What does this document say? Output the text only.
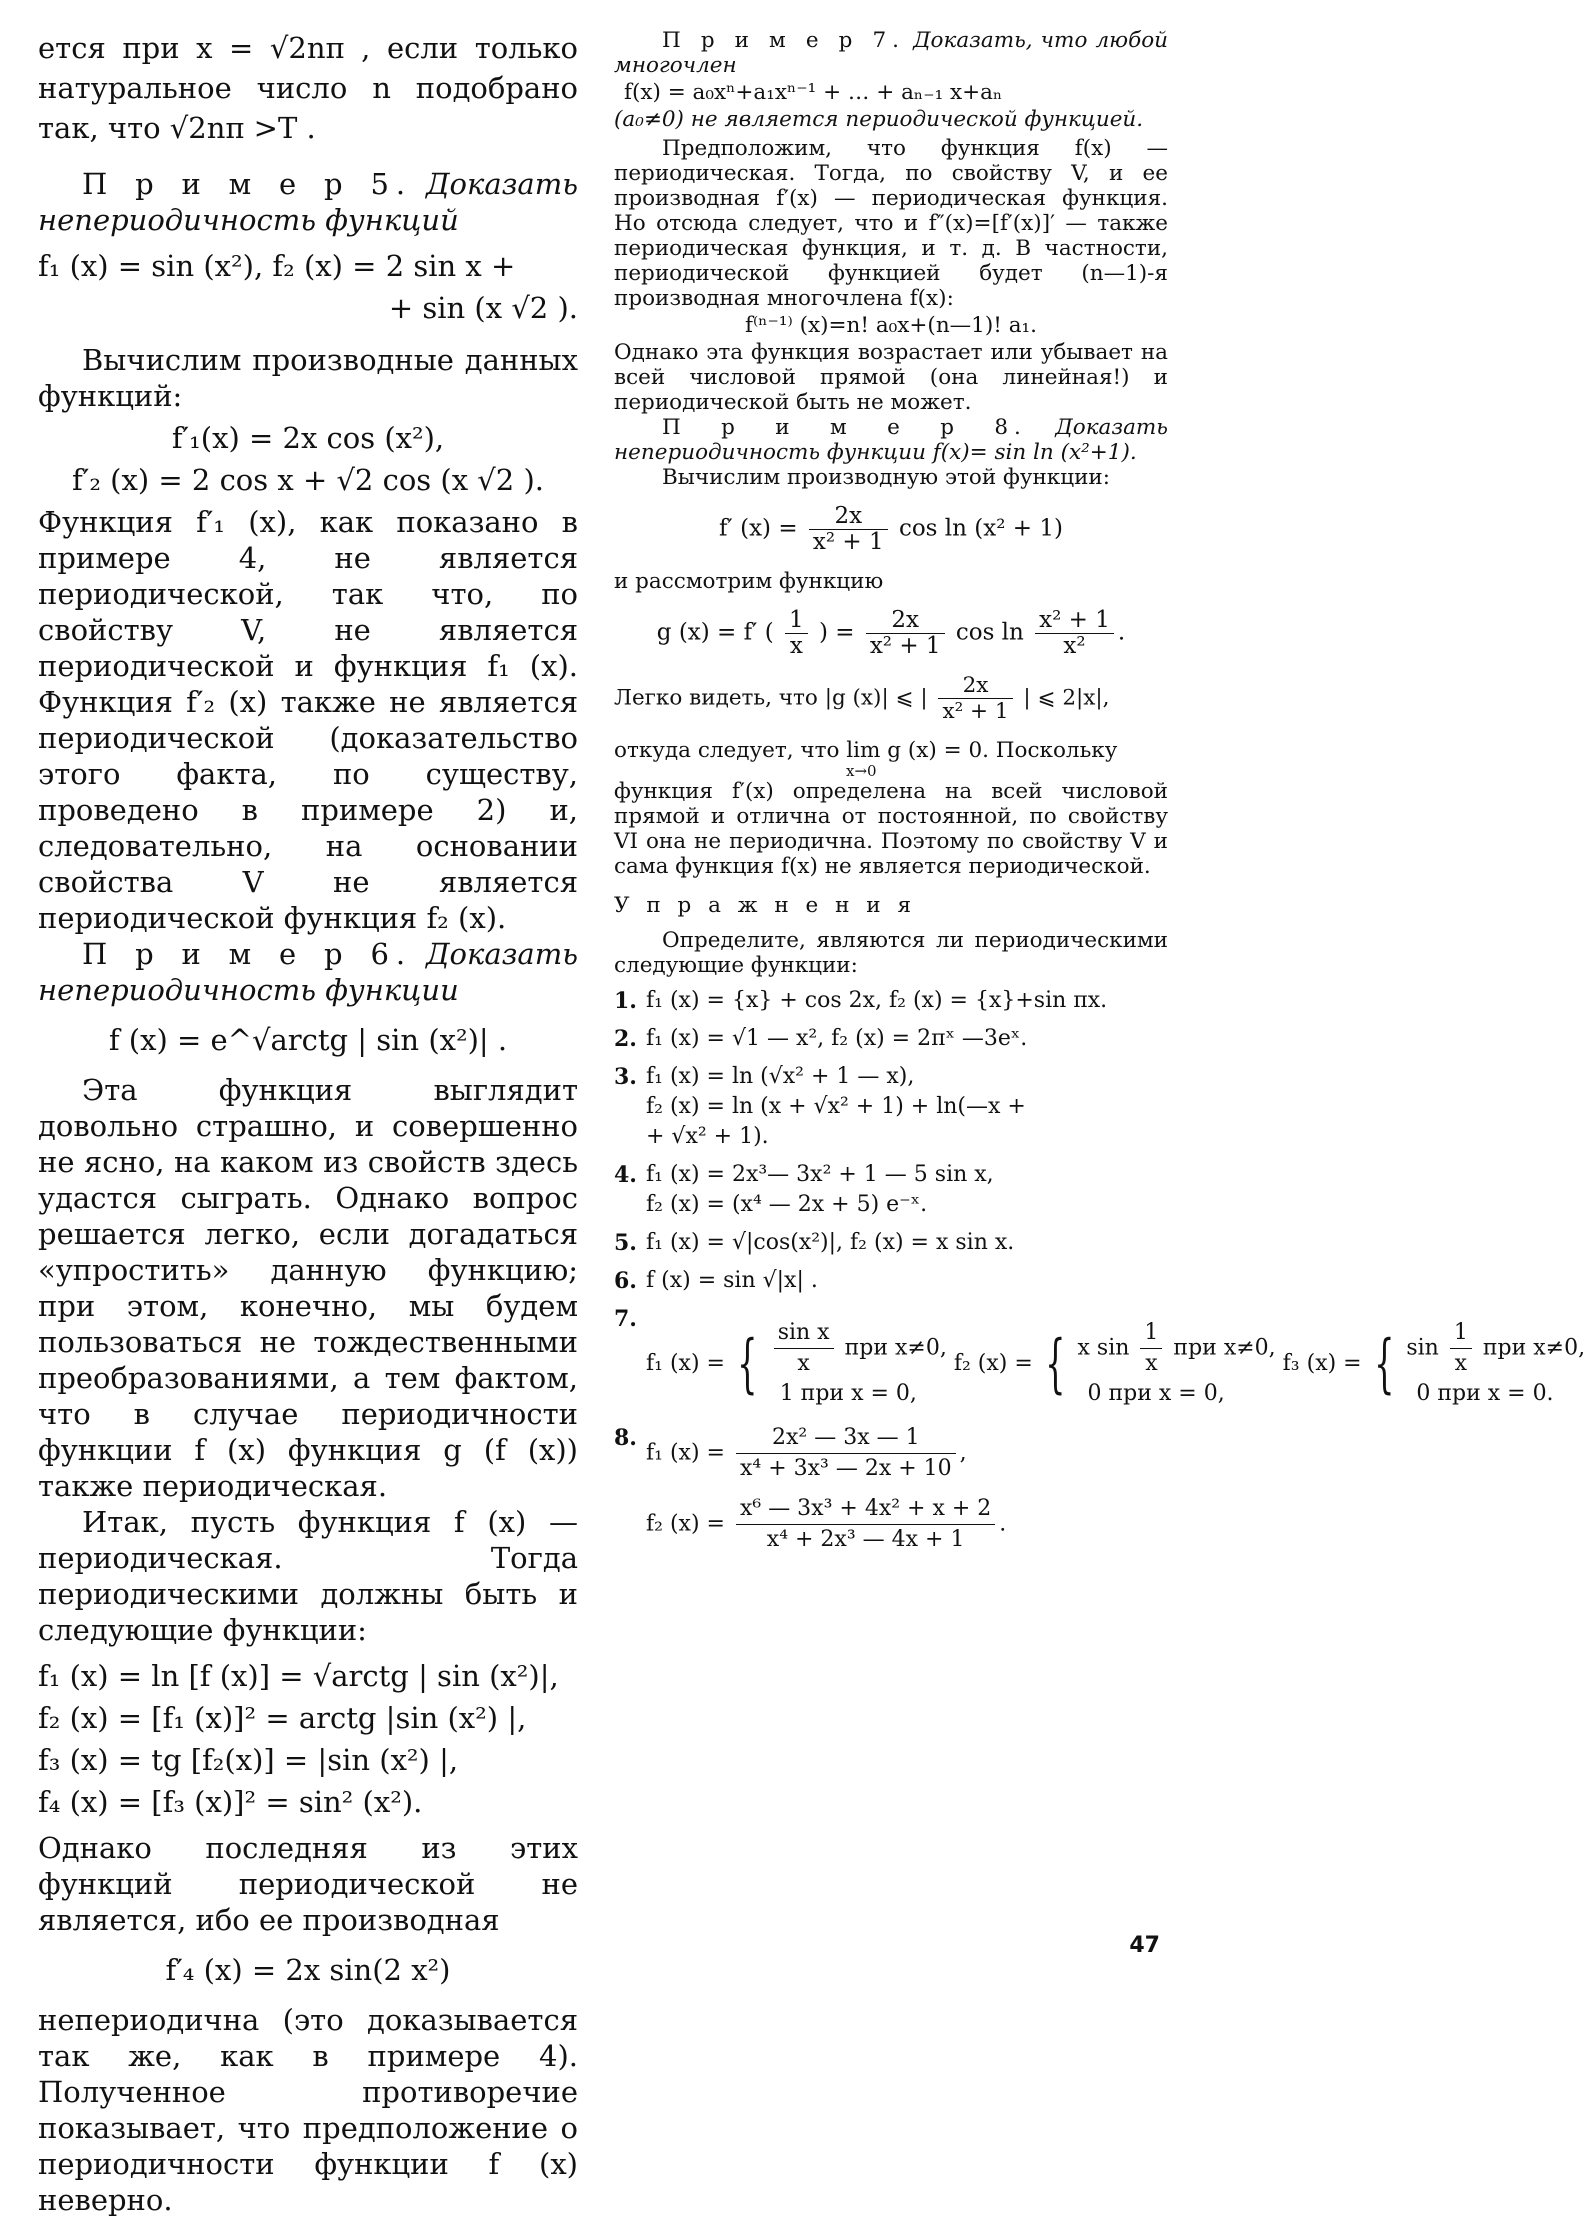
ется при x = √2nπ , если только натуральное число n подобрано так, что √2nπ >T .

П р и м е р 5. Доказать непериодичность функций

f₁ (x) = sin (x²), f₂ (x) = 2 sin x +
+ sin (x √2 ).

Вычислим производные данных функций:

f′₁(x) = 2x cos (x²),
f′₂ (x) = 2 cos x + √2 cos (x √2 ).

Функция f′₁ (x), как показано в примере 4, не является периодической, так что, по свойству V, не является периодической и функция f₁ (x). Функция f′₂ (x) также не является периодической (доказательство этого факта, по существу, проведено в примере 2) и, следовательно, на основании свойства V не является периодической функция f₂ (x).

П р и м е р 6. Доказать непериодичность функции

f (x) = e^√arctg | sin (x²)| .

Эта функция выглядит довольно страшно, и совершенно не ясно, на каком из свойств здесь удастся сыграть. Однако вопрос решается легко, если догадаться «упростить» данную функцию; при этом, конечно, мы будем пользоваться не тождественными преобразованиями, а тем фактом, что в случае периодичности функции f (x) функция g (f (x)) также периодическая.

Итак, пусть функция f (x) — периодическая. Тогда периодическими должны быть и следующие функции:

f₁ (x) = ln [f (x)] = √arctg | sin (x²)|,
f₂ (x) = [f₁ (x)]² = arctg |sin (x²) |,
f₃ (x) = tg [f₂(x)] = |sin (x²) |,
f₄ (x) = [f₃ (x)]² = sin² (x²).

Однако последняя из этих функций периодической не является, ибо ее производная

f′₄ (x) = 2x sin(2 x²)

непериодична (это доказывается так же, как в примере 4). Полученное противоречие показывает, что предположение о периодичности функции f (x) неверно.

П р и м е р 7. Доказать, что любой многочлен

f(x) = a₀xⁿ+a₁xⁿ⁻¹ + … + aₙ₋₁ x+aₙ

(a₀≠0) не является периодической функцией.

Предположим, что функция f(x) — периодическая. Тогда, по свойству V, и ее производная f′(x) — периодическая функция. Но отсюда следует, что и f″(x)=[f′(x)]′ — также периодическая функция, и т. д. В частности, периодической функцией будет (n—1)-я производная многочлена f(x):

f⁽ⁿ⁻¹⁾ (x)=n! a₀x+(n—1)! a₁.

Однако эта функция возрастает или убывает на всей числовой прямой (она линейная!) и периодической быть не может.

П р и м е р 8. Доказать непериодичность функции f(x)= sin ln (x²+1).

Вычислим производную этой функции:

f′ $(x) = \frac{2x}{\text{x² + 1}}$ cos ln (x² + 1)

и рассмотрим функцию

g (x) = f′ ( $\frac{1}{x}$ ) = $\frac{2x}{\text{x² + 1}}$ $\cos \ln \frac{\text{x² + 1}}{\text{x²}}$ .
Легко видеть, что |g (x)| ⩽ | $\frac{2x}{\text{x² + 1}}$ | ⩽ 2|x|,

откуда следует, что lim g (x) = 0. Поскольку

x→0

функция f′(x) определена на всей числовой прямой и отлична от постоянной, по свойству VI она не периодична. Поэтому по свойству V и сама функция f(x) не является периодической.

У п р а ж н е н и я

Определите, являются ли периодическими следующие функции:

1. f₁ (x) = {x} + cos 2x, f₂ (x) = {x}+sin πx.
2. f₁ (x) = √1 — x², f₂ (x) = 2πˣ —3eˣ.
3. f₁ (x) = ln (√x² + 1 — x),
f₂ (x) = ln (x + √x² + 1) + ln(—x +
+ √x² + 1).
4. f₁ (x) = 2x³— 3x² + 1 — 5 sin x,
f₂ (x) = (x⁴ — 2x + 5) e⁻ˣ.
5. f₁ (x) = √|cos(x²)|, f₂ (x) = x sin x.
6. f (x) = sin √|x| .
7.
f₁ (x) = { $\frac{\text{sin x}}{x}$ при x≠0,
1 при x = 0,

f₂ (x) = { x $\sin \frac{1}{x}$ при x≠0,
0 при x = 0,

f₃ (x) = { $\sin \frac{1}{x}$ при x≠0,
0 при x = 0.
8.
f₁ $(x) = \frac{\text{2x² — 3x — 1}}{\text{x⁴ + 3x³ — 2x + 10}}$ ,
f₂ $(x) = \frac{\text{x⁶ — 3x³ + 4x² + x + 2}}{\text{x⁴ + 2x³ — 4x + 1}}$ .
47
